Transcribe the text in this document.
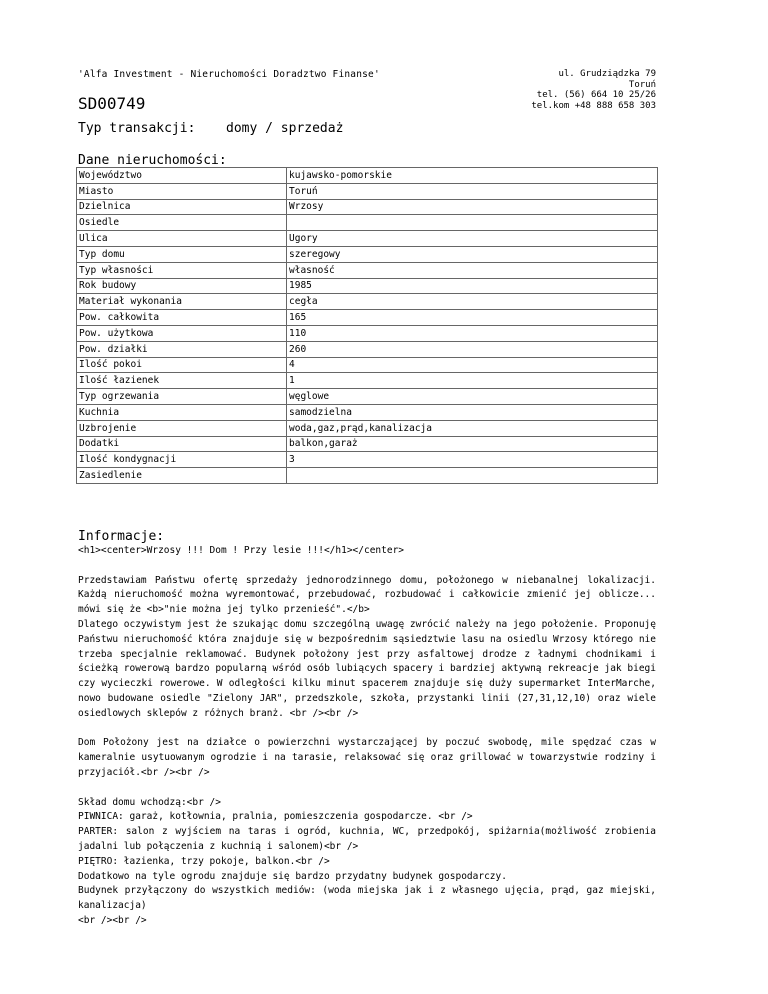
'Alfa Investment - Nieruchomości Doradztwo Finanse'
SD00749
ul. Grudziądzka 79
Toruń
tel. (56) 664 10 25/26
tel.kom +48 888 658 303
Typ transakcji: domy / sprzedaż
Dane nieruchomości:
Województwo	kujawsko-pomorskie
Miasto	Toruń
Dzielnica	Wrzosy
Osiedle	
Ulica	Ugory
Typ domu	szeregowy
Typ własności	własność
Rok budowy	1985
Materiał wykonania	cegła
Pow. całkowita	165
Pow. użytkowa	110
Pow. działki	260
Ilość pokoi	4
Ilość łazienek	1
Typ ogrzewania	węglowe
Kuchnia	samodzielna
Uzbrojenie	woda,gaz,prąd,kanalizacja
Dodatki	balkon,garaż
Ilość kondygnacji	3
Zasiedlenie	
Informacje:

<h1><center>Wrzosy !!! Dom ! Przy lesie !!!</h1></center>

Przedstawiam Państwu ofertę sprzedaży jednorodzinnego domu, położonego w niebanalnej lokalizacji. Każdą nieruchomość można wyremontować, przebudować, rozbudować i całkowicie zmienić jej oblicze... mówi się że <b>"nie można jej tylko przenieść".</b>

Dlatego oczywistym jest że szukając domu szczególną uwagę zwrócić należy na jego położenie. Proponuję Państwu nieruchomość która znajduje się w bezpośrednim sąsiedztwie lasu na osiedlu Wrzosy którego nie trzeba specjalnie reklamować. Budynek położony jest przy asfaltowej drodze z ładnymi chodnikami i ścieżką rowerową bardzo popularną wśród osób lubiących spacery i bardziej aktywną rekreacje jak biegi czy wycieczki rowerowe. W odległości kilku minut spacerem znajduje się duży supermarket InterMarche, nowo budowane osiedle "Zielony JAR", przedszkole, szkoła, przystanki linii (27,31,12,10) oraz wiele osiedlowych sklepów z różnych branż. <br /><br />

Dom Położony jest na działce o powierzchni wystarczającej by poczuć swobodę, mile spędzać czas w kameralnie usytuowanym ogrodzie i na tarasie, relaksować się oraz grillować w towarzystwie rodziny i przyjaciół.<br /><br />

Skład domu wchodzą:<br />

PIWNICA: garaż, kotłownia, pralnia, pomieszczenia gospodarcze. <br />

PARTER: salon z wyjściem na taras i ogród, kuchnia, WC, przedpokój, spiżarnia(możliwość zrobienia jadalni lub połączenia z kuchnią i salonem)<br />

PIĘTRO: łazienka, trzy pokoje, balkon.<br />

Dodatkowo na tyle ogrodu znajduje się bardzo przydatny budynek gospodarczy.

Budynek przyłączony do wszystkich mediów: (woda miejska jak i z własnego ujęcia, prąd, gaz miejski, kanalizacja)

<br /><br />
